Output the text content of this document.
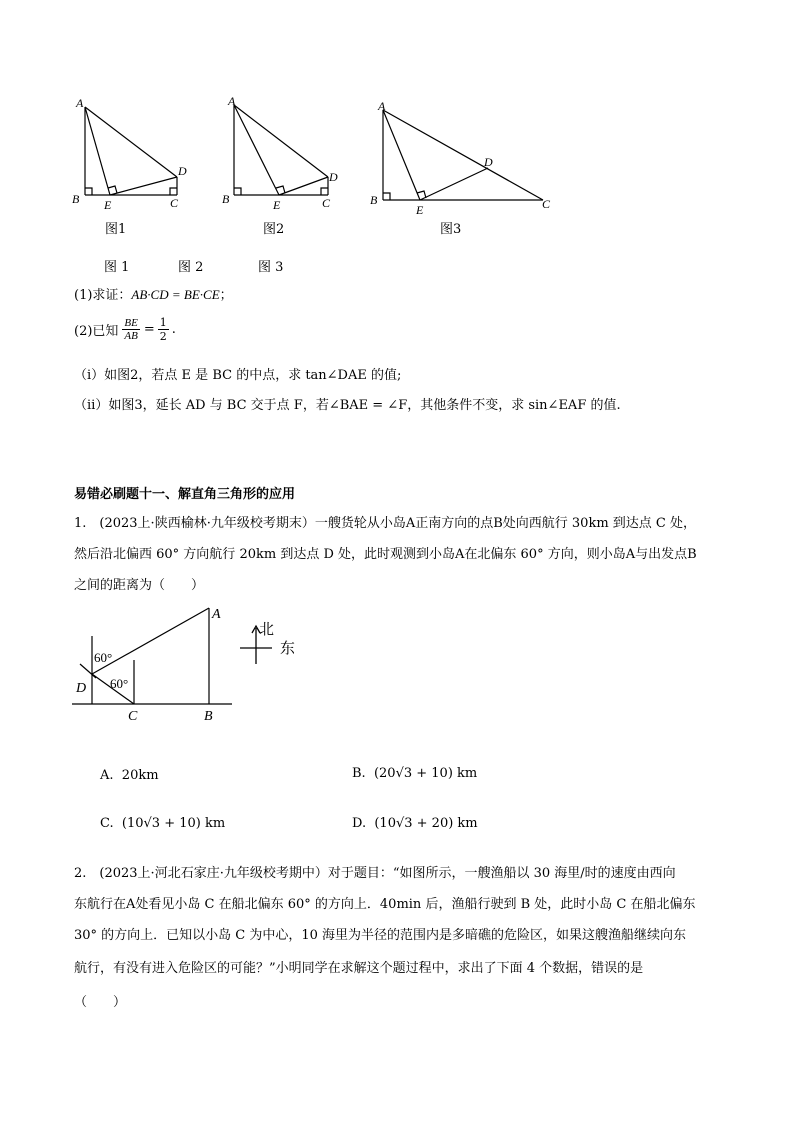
A
B E	C
D
图1
A
B	E	C
D
图2
A
B
E	C
D
图3
图 1	图 2	图 3
(1)求证：AB·CD = BE·CE；
(2)已知 $\frac{BE}{AB} = \frac{1}{2}$ .
（ⅰ）如图2，若点 E 是 BC 的中点，求 tan∠DAE 的值;
（ⅱ）如图3，延长 AD 与 BC 交于点 F，若∠BAE = ∠F，其他条件不变，求 sin∠EAF 的值.
易错必刷题十一、解直角三角形的应用
1.　(2023上·陕西榆林·九年级校考期末）一艘货轮从小岛A正南方向的点B处向西航行 30km 到达点 C 处，
然后沿北偏西 60° 方向航行 20km 到达点 D 处，此时观测到小岛A在北偏东 60° 方向，则小岛A与出发点B
之间的距离为（　　）
60°
60°
A
D
C	B
北
东
A. 20km	B. (20√3 + 10) km
C. (10√3 + 10) km	D. (10√3 + 20) km
2.　(2023上·河北石家庄·九年级校考期中）对于题目：“如图所示，一艘渔船以 30 海里/时的速度由西向
东航行在A处看见小岛 C 在船北偏东 60° 的方向上．40min 后，渔船行驶到 B 处，此时小岛 C 在船北偏东
30° 的方向上．已知以小岛 C 为中心，10 海里为半径的范围内是多暗礁的危险区，如果这艘渔船继续向东
航行，有没有进入危险区的可能？”小明同学在求解这个题过程中，求出了下面 4 个数据，错误的是
（　　）
